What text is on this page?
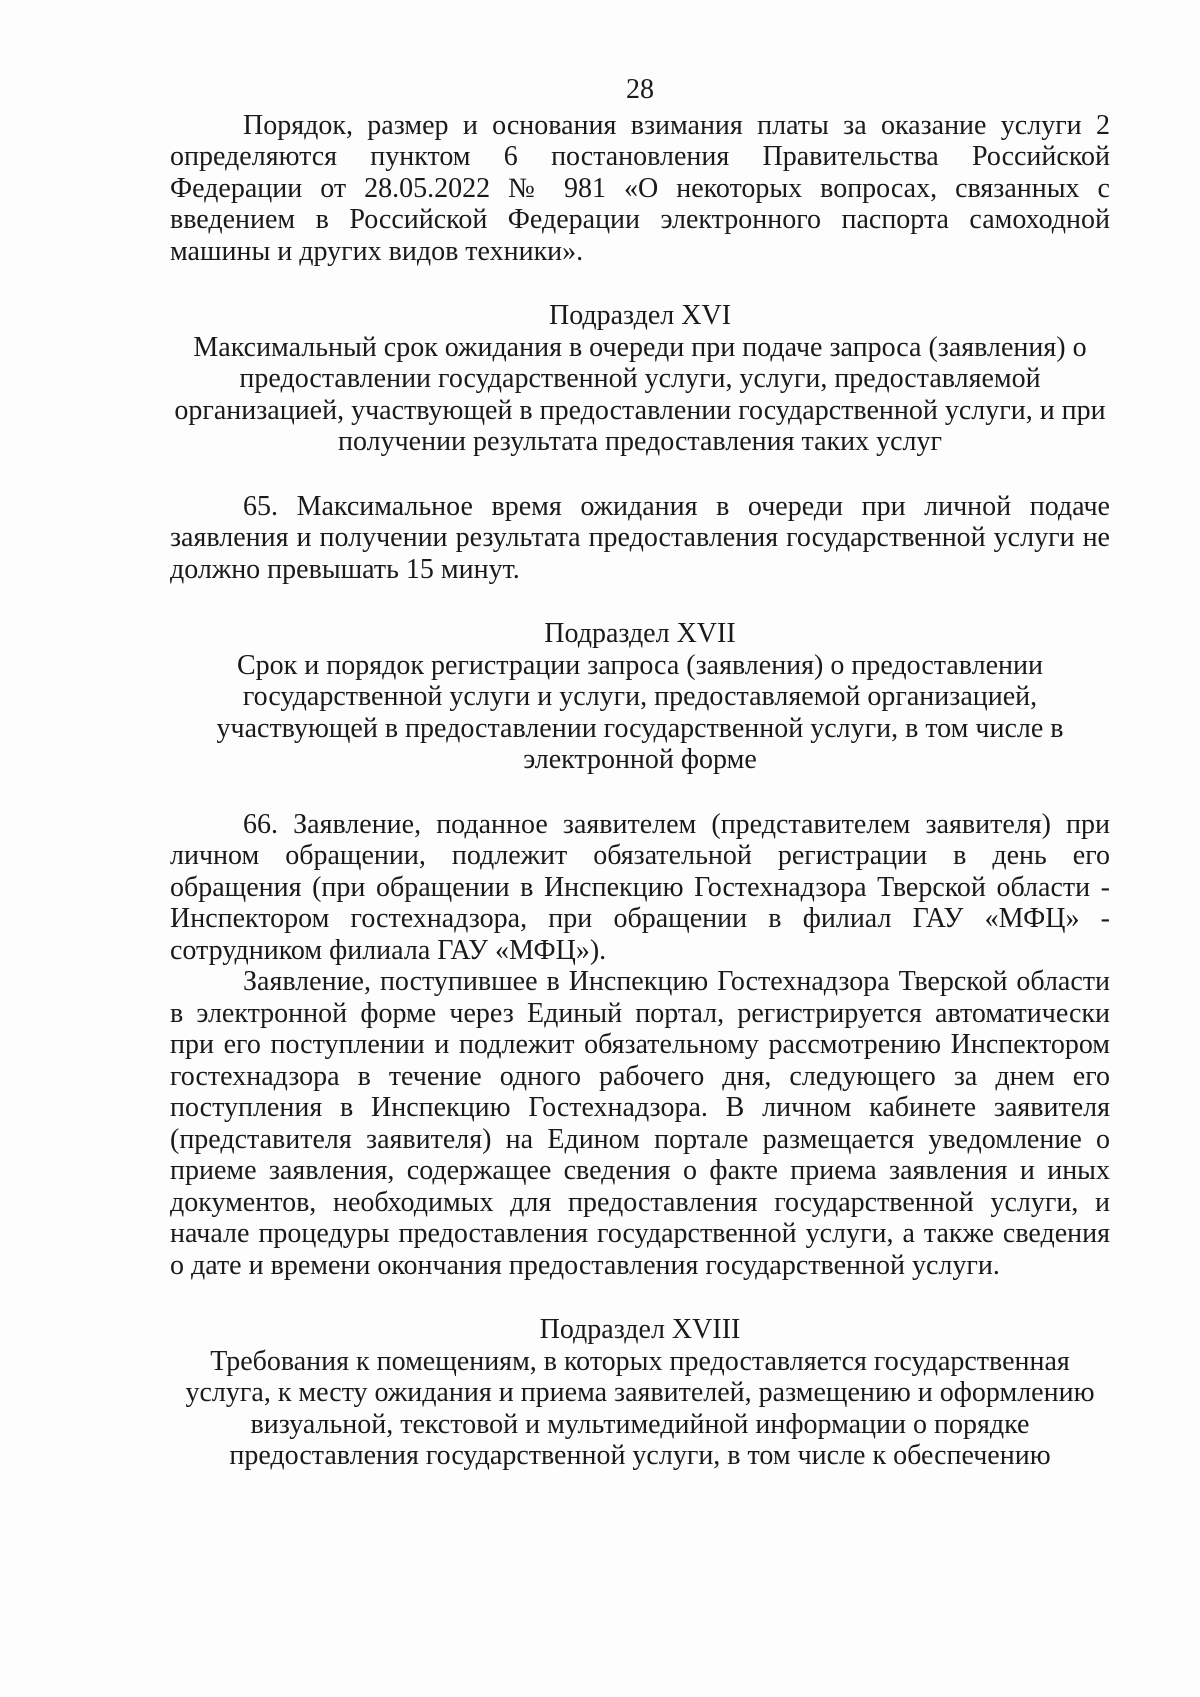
28

Порядок, размер и основания взимания платы за оказание услуги 2 определяются пунктом 6 постановления Правительства Российской Федерации от 28.05.2022 № 981 «О некоторых вопросах, связанных с введением в Российской Федерации электронного паспорта самоходной машины и других видов техники».

Подраздел XVI

Максимальный срок ожидания в очереди при подаче запроса (заявления) о предоставлении государственной услуги, услуги, предоставляемой организацией, участвующей в предоставлении государственной услуги, и при получении результата предоставления таких услуг

65. Максимальное время ожидания в очереди при личной подаче заявления и получении результата предоставления государственной услуги не должно превышать 15 минут.

Подраздел XVII

Срок и порядок регистрации запроса (заявления) о предоставлении государственной услуги и услуги, предоставляемой организацией, участвующей в предоставлении государственной услуги, в том числе в электронной форме

66. Заявление, поданное заявителем (представителем заявителя) при личном обращении, подлежит обязательной регистрации в день его обращения (при обращении в Инспекцию Гостехнадзора Тверской области - Инспектором гостехнадзора, при обращении в филиал ГАУ «МФЦ» - сотрудником филиала ГАУ «МФЦ»).

Заявление, поступившее в Инспекцию Гостехнадзора Тверской области в электронной форме через Единый портал, регистрируется автоматически при его поступлении и подлежит обязательному рассмотрению Инспектором гостехнадзора в течение одного рабочего дня, следующего за днем его поступления в Инспекцию Гостехнадзора. В личном кабинете заявителя (представителя заявителя) на Едином портале размещается уведомление о приеме заявления, содержащее сведения о факте приема заявления и иных документов, необходимых для предоставления государственной услуги, и начале процедуры предоставления государственной услуги, а также сведения о дате и времени окончания предоставления государственной услуги.

Подраздел XVIII

Требования к помещениям, в которых предоставляется государственная услуга, к месту ожидания и приема заявителей, размещению и оформлению визуальной, текстовой и мультимедийной информации о порядке предоставления государственной услуги, в том числе к обеспечению
